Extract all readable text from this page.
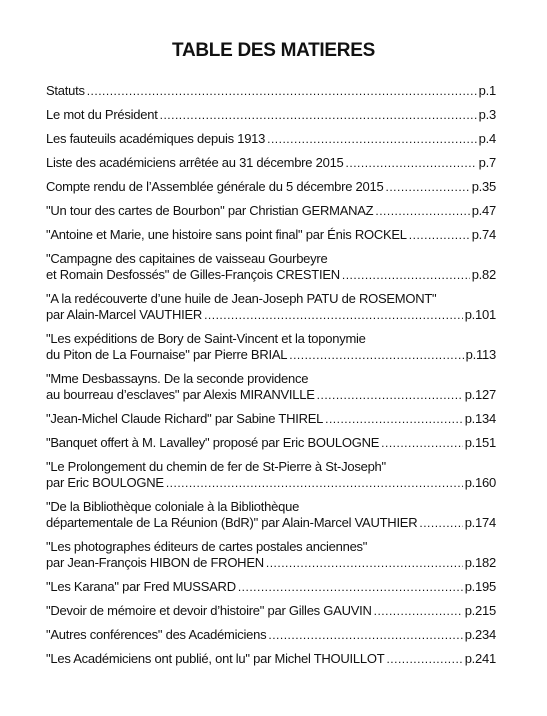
TABLE DES MATIERES
Statuts .....	p.1
Le mot du Président .....	p.3
Les fauteuils académiques depuis 1913 .....	p.4
Liste des académiciens arrêtée au 31 décembre 2015 .....	p.7
Compte rendu de l’Assemblée générale du 5 décembre 2015 .....	p.35
"Un tour des cartes de Bourbon" par Christian GERMANAZ .....	p.47
"Antoine et Marie, une histoire sans point final" par Énis ROCKEL .....	p.74
"Campagne des capitaines de vaisseau Gourbeyre
et Romain Desfossés" de Gilles-François CRESTIEN .....	p.82
"A la redécouverte d’une huile de Jean-Joseph PATU de ROSEMONT"
par Alain-Marcel VAUTHIER .....	p.101
"Les expéditions de Bory de Saint-Vincent et la toponymie
du Piton de La Fournaise" par Pierre BRIAL .....	p.113
"Mme Desbassayns. De la seconde providence
au bourreau d’esclaves" par Alexis MIRANVILLE .....	p.127
"Jean-Michel Claude Richard" par Sabine THIREL .....	p.134
"Banquet offert à M. Lavalley" proposé par Eric BOULOGNE .....	p.151
"Le Prolongement du chemin de fer de St-Pierre à St-Joseph"
par Eric BOULOGNE .....	p.160
"De la Bibliothèque coloniale à la Bibliothèque
départementale de La Réunion (BdR)" par Alain-Marcel VAUTHIER .....	p.174
"Les photographes éditeurs de cartes postales anciennes"
par Jean-François HIBON de FROHEN .....	p.182
"Les Karana" par Fred MUSSARD .....	p.195
"Devoir de mémoire et devoir d’histoire" par Gilles GAUVIN .....	p.215
"Autres conférences" des Académiciens .....	p.234
"Les Académiciens ont publié, ont lu" par Michel THOUILLOT .....	p.241
